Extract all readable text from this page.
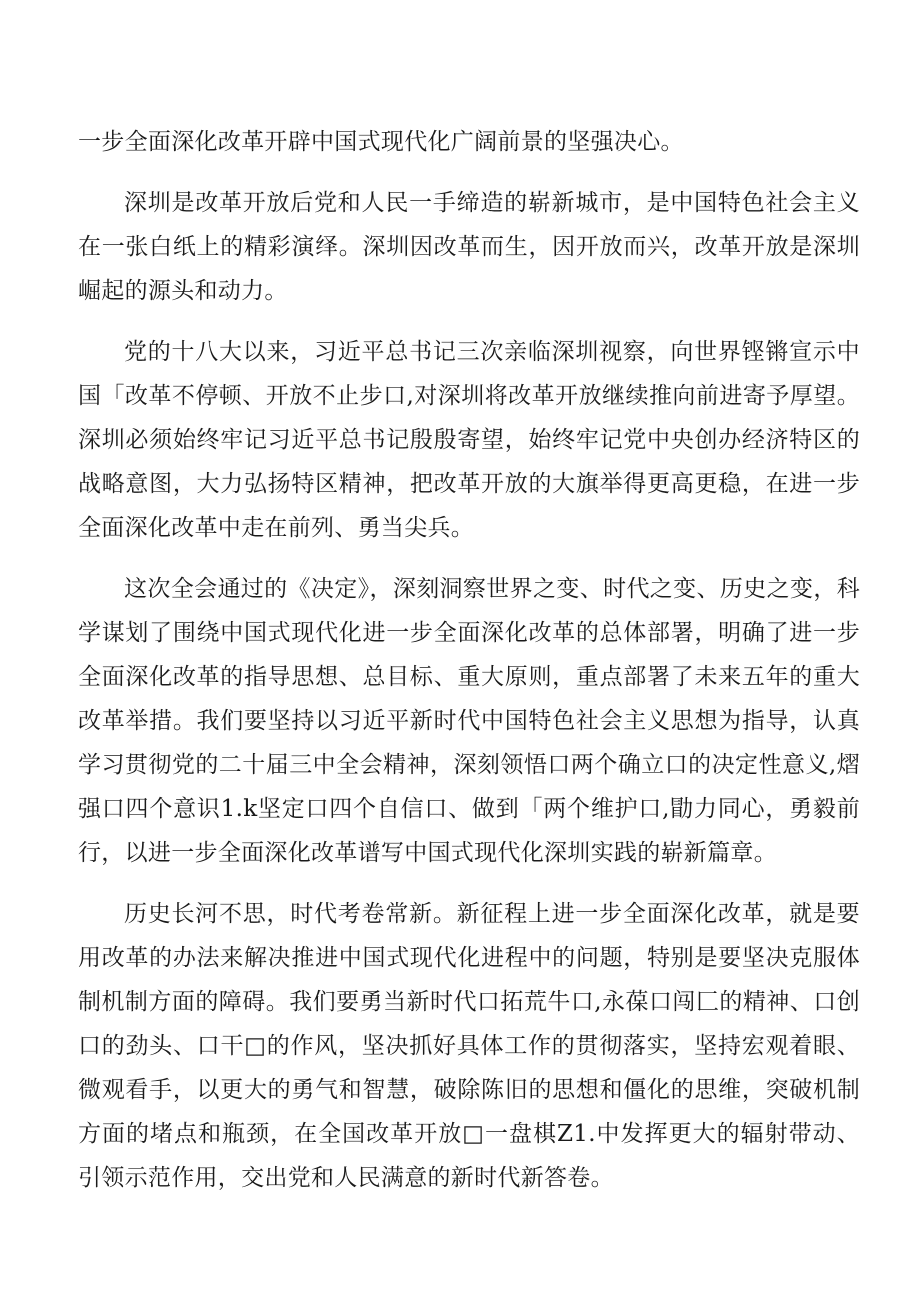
一步全面深化改革开辟中国式现代化广阔前景的坚强决心。

深圳是改革开放后党和人民一手缔造的崭新城市，是中国特色社会主义在一张白纸上的精彩演绎。深圳因改革而生，因开放而兴，改革开放是深圳崛起的源头和动力。

党的十八大以来，习近平总书记三次亲临深圳视察，向世界铿锵宣示中国「改革不停顿、开放不止步口,对深圳将改革开放继续推向前进寄予厚望。深圳必须始终牢记习近平总书记殷殷寄望，始终牢记党中央创办经济特区的战略意图，大力弘扬特区精神，把改革开放的大旗举得更高更稳，在进一步全面深化改革中走在前列、勇当尖兵。

这次全会通过的《决定》，深刻洞察世界之变、时代之变、历史之变，科学谋划了围绕中国式现代化进一步全面深化改革的总体部署，明确了进一步全面深化改革的指导思想、总目标、重大原则，重点部署了未来五年的重大改革举措。我们要坚持以习近平新时代中国特色社会主义思想为指导，认真学习贯彻党的二十届三中全会精神，深刻领悟口两个确立口的决定性意义,熠强口四个意识1.k坚定口四个自信口、做到「两个维护口,勖力同心，勇毅前行，以进一步全面深化改革谱写中国式现代化深圳实践的崭新篇章。

历史长河不思，时代考卷常新。新征程上进一步全面深化改革，就是要用改革的办法来解决推进中国式现代化进程中的问题，特别是要坚决克服体制机制方面的障碍。我们要勇当新时代口拓荒牛口,永葆口闯匚的精神、口创口的劲头、口干□的作风，坚决抓好具体工作的贯彻落实，坚持宏观着眼、微观看手，以更大的勇气和智慧，破除陈旧的思想和僵化的思维，突破机制方面的堵点和瓶颈，在全国改革开放□一盘棋Z1.中发挥更大的辐射带动、引领示范作用，交出党和人民满意的新时代新答卷。
